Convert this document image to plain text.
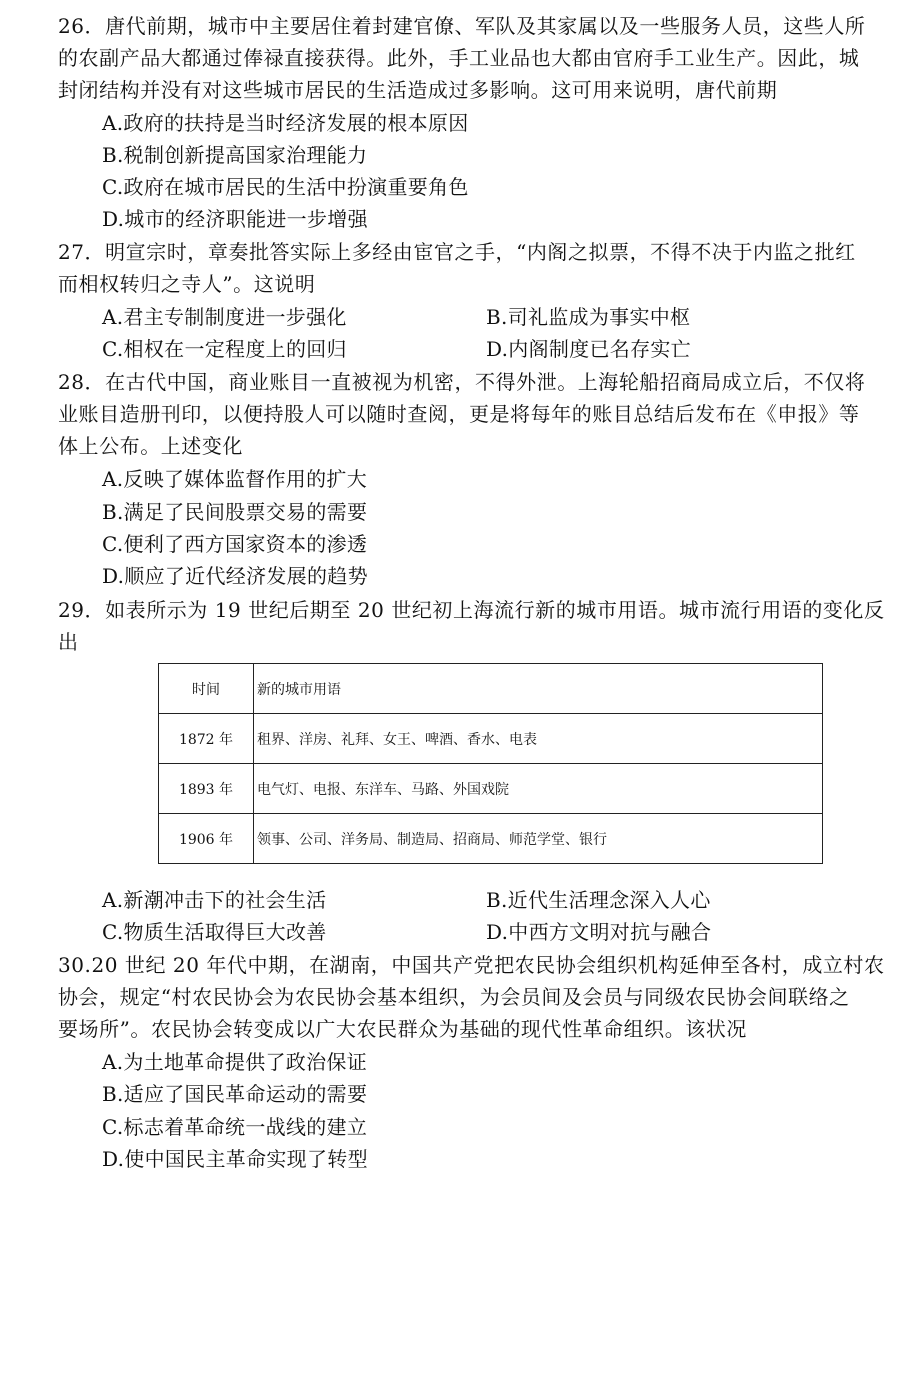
26．唐代前期，城市中主要居住着封建官僚、军队及其家属以及一些服务人员，这些人所
的农副产品大都通过俸禄直接获得。此外，手工业品也大都由官府手工业生产。因此，城
封闭结构并没有对这些城市居民的生活造成过多影响。这可用来说明，唐代前期
A.政府的扶持是当时经济发展的根本原因
B.税制创新提高国家治理能力
C.政府在城市居民的生活中扮演重要角色
D.城市的经济职能进一步增强
27．明宣宗时，章奏批答实际上多经由宦官之手，“内阁之拟票，不得不决于内监之批红
而相权转归之寺人”。这说明
A.君主专制制度进一步强化	B.司礼监成为事实中枢
C.相权在一定程度上的回归	D.内阁制度已名存实亡
28．在古代中国，商业账目一直被视为机密，不得外泄。上海轮船招商局成立后，不仅将
业账目造册刊印，以便持股人可以随时查阅，更是将每年的账目总结后发布在《申报》等
体上公布。上述变化
A.反映了媒体监督作用的扩大
B.满足了民间股票交易的需要
C.便利了西方国家资本的渗透
D.顺应了近代经济发展的趋势
29．如表所示为 19 世纪后期至 20 世纪初上海流行新的城市用语。城市流行用语的变化反
出
时间	新的城市用语
1872 年	租界、洋房、礼拜、女王、啤酒、香水、电表
1893 年	电气灯、电报、东洋车、马路、外国戏院
1906 年	领事、公司、洋务局、制造局、招商局、师范学堂、银行
A.新潮冲击下的社会生活	B.近代生活理念深入人心
C.物质生活取得巨大改善	D.中西方文明对抗与融合
30.20 世纪 20 年代中期，在湖南，中国共产党把农民协会组织机构延伸至各村，成立村农
协会，规定“村农民协会为农民协会基本组织，为会员间及会员与同级农民协会间联络之
要场所”。农民协会转变成以广大农民群众为基础的现代性革命组织。该状况
A.为土地革命提供了政治保证
B.适应了国民革命运动的需要
C.标志着革命统一战线的建立
D.使中国民主革命实现了转型
